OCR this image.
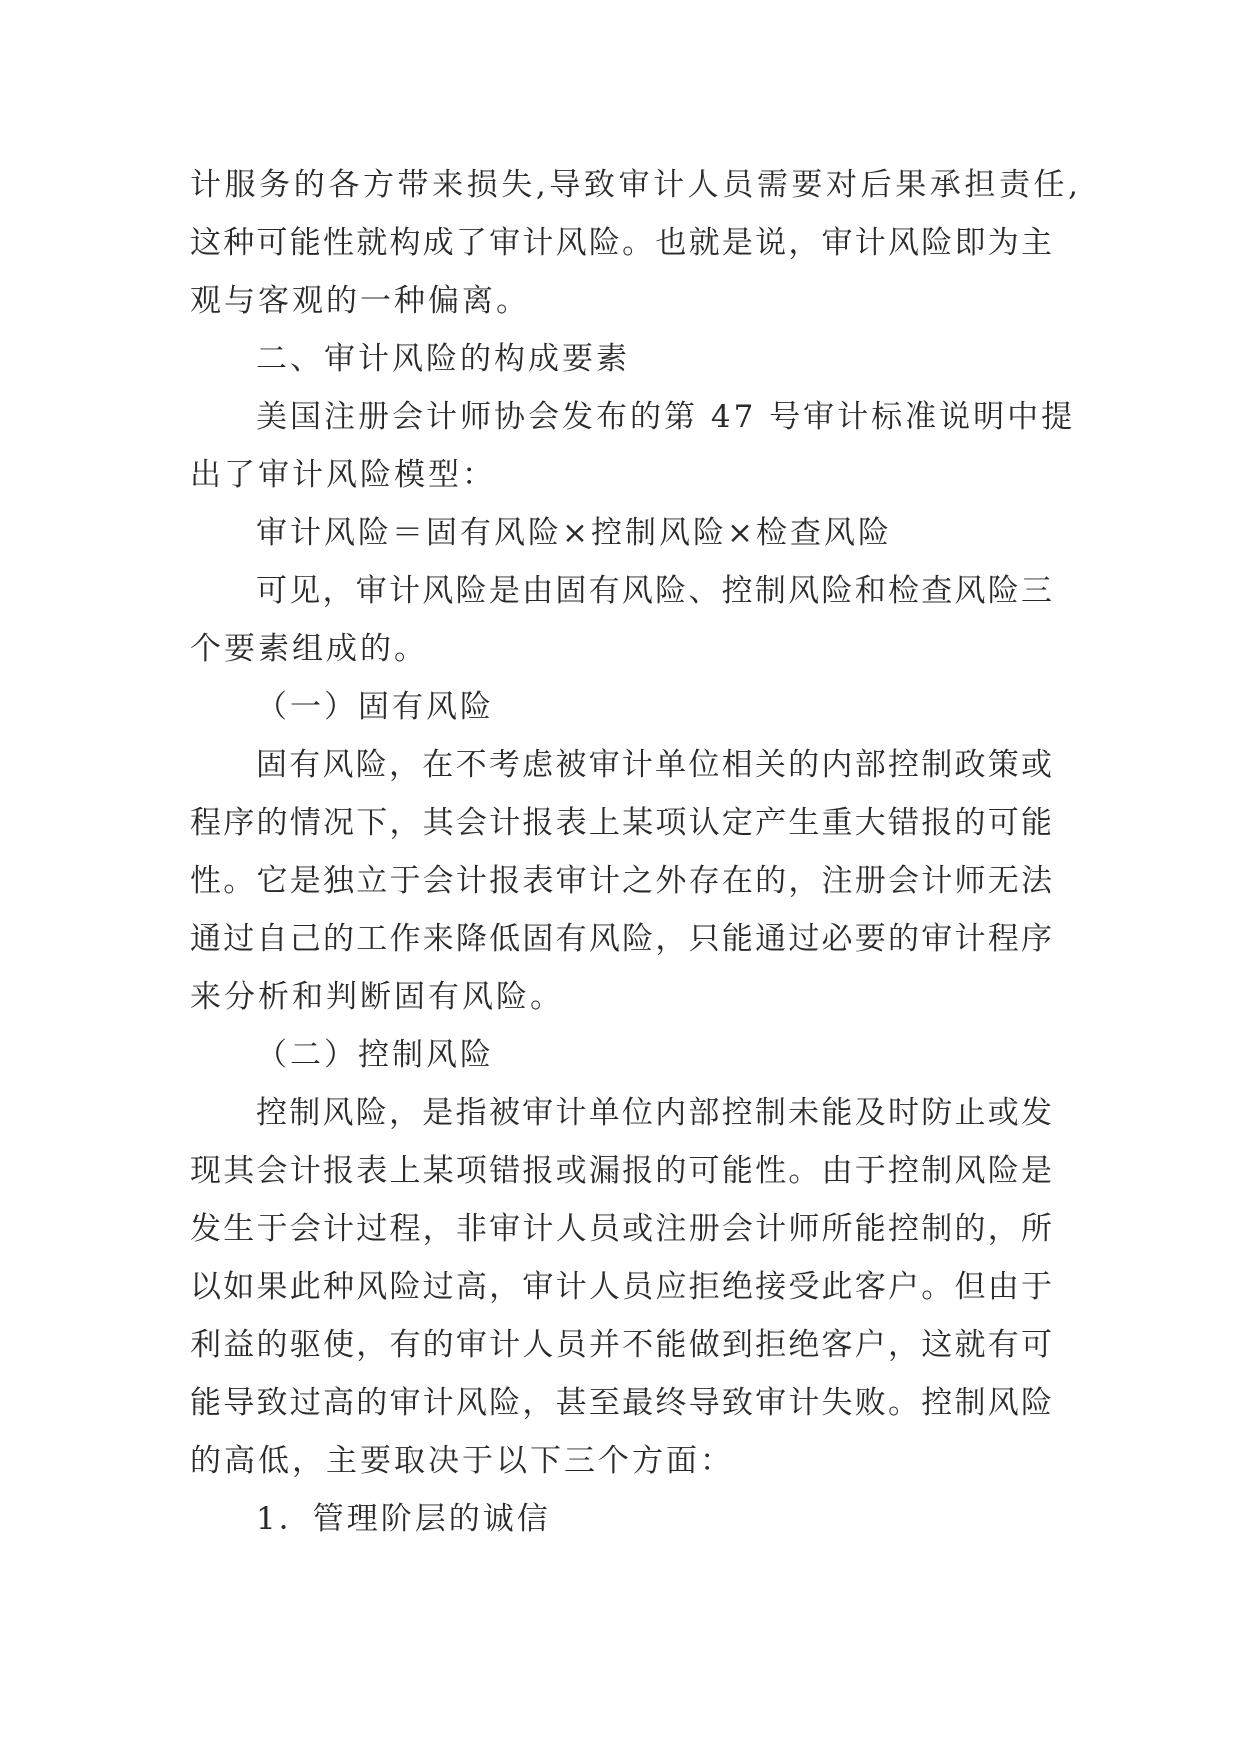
计服务的各方带来损失,导致审计人员需要对后果承担责任,
这种可能性就构成了审计风险。也就是说，审计风险即为主
观与客观的一种偏离。
二、审计风险的构成要素
美国注册会计师协会发布的第 47 号审计标准说明中提
出了审计风险模型：
审计风险＝固有风险×控制风险×检查风险
可见，审计风险是由固有风险、控制风险和检查风险三
个要素组成的。
（一）固有风险
固有风险，在不考虑被审计单位相关的内部控制政策或
程序的情况下，其会计报表上某项认定产生重大错报的可能
性。它是独立于会计报表审计之外存在的，注册会计师无法
通过自己的工作来降低固有风险，只能通过必要的审计程序
来分析和判断固有风险。
（二）控制风险
控制风险，是指被审计单位内部控制未能及时防止或发
现其会计报表上某项错报或漏报的可能性。由于控制风险是
发生于会计过程，非审计人员或注册会计师所能控制的，所
以如果此种风险过高，审计人员应拒绝接受此客户。但由于
利益的驱使，有的审计人员并不能做到拒绝客户，这就有可
能导致过高的审计风险，甚至最终导致审计失败。控制风险
的高低，主要取决于以下三个方面：
1．管理阶层的诚信
